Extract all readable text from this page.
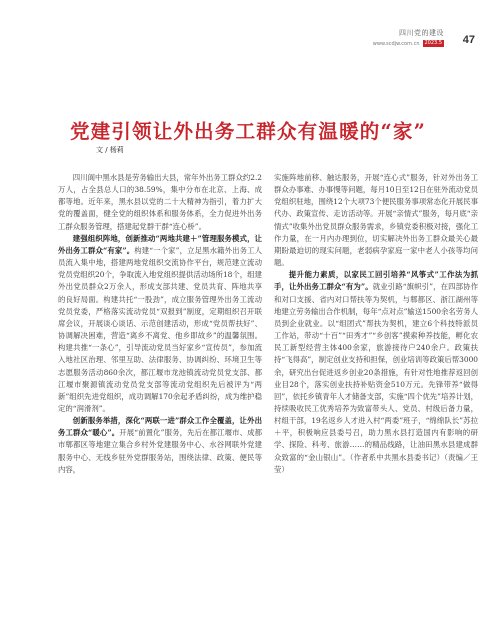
四川党的建设
www.scdjw.com.cn	2023.5 47
党建引领让外出务工群众有温暖的“家”
文 / 杨莉

四川阆中黑水县是劳务输出大县，常年外出务工群众约2.2万人，占全县总人口的38.59%，集中分布在北京、上海、成都等地。近年来，黑水县以党的二十大精神为指引，着力扩大党的覆盖面，健全党的组织体系和服务体系，全力促进外出务工群众服务管理，搭建起党群干群“连心桥”。

建强组织阵地，创新推动“两地共建＋”管理服务模式，让外出务工群众“有家”。构建“一个家”，立足黑水籍外出务工人员流入集中地，搭建两地党组织交流协作平台，规范建立流动党员党组织20个，争取流入地党组织提供活动场所18个，组建外出党员群众2万余人，形成支部共建、党员共育、阵地共享的良好局面。构建共托“一股劲”，成立服务管理外出务工流动党员党委，严格落实流动党员“双报到”制度，定期组织召开联席会议，开展谈心谈话、示范创建活动，形成“党员帮扶好”、协调解决困难，营造“离乡不离党、他乡即故乡”的温馨氛围。构建共推“一条心”，引导流动党员当好家乡“宣传员”，参加流入地社区治理、邻里互助、法律服务、协调纠纷、环境卫生等志愿服务活动860余次，都江堰市龙池镇流动党员党支部、都江堰市聚源镇流动党员党支部等流动党组织先后被评为“两新”组织先进党组织，成功调解170余起矛盾纠纷，成为维护稳定的“润滑剂”。

创新服务举措，深化“两联一进”群众工作全覆盖，让外出务工群众“暖心”。开展“前置化”服务，先后在都江堰市、成都市郫都区等地建立集合乡村外党建服务中心、水谷网联外党建服务中心、无线乡驻外党群服务站，围绕法律、政策、便民等内容，

实施阵地前移、触达服务，开展“连心式”服务，针对外出务工群众办事难、办事慢等问题，每月10日至12日在驻外流动党员党组织驻地，围绕12个大项73个便民服务事项常态化开展民事代办、政策宣传、走访活动等。开展“亲情式”服务，每月底“亲情式”收集外出党员群众服务需求，乡镇党委积极对接，强化工作力量，在一月内办理到位，切实解决外出务工群众最关心最期盼最迫切的现实问题，老弱病孕家庭一家中老人小孩等均问题。

提升能力素质，以家民工回引培养“风筝式”工作法为抓手，让外出务工群众“有为”。就业引路“旗帜引”，在四部协作和对口支援、省内对口帮扶等为契机，与郫都区、浙江湖州等地建立劳务输出合作机制，每年“点对点”输送1500余名劳务人员到企业就业。以“组团式”帮扶为契机，建立6个科技特派员工作站，带动“十百”“田秀才”“乡创客”摸索种养技能，孵化农民工新型经营主体400余家，旅游接待户240余户。政策扶持“飞得高”，制定创业支持和担保，创业培训等政策后帮3000余，研究出台促进返乡创业20条措施，有针对性地推荐返回创业目28个，落实创业扶持补贴资金510万元。先锋带养“做得回”，依托乡镇青年人才储备支部，实施“四个优先”培养计划，持续吸收民工优秀培养为致富带头人、党员、村级后备力量，村组干部，19名返乡人才进入村“两委”班子，“绵绵队长”苏拉＋平，积极响应县委号召，助力黑水县打造国内有影响的研学、探险、科考、旅游……的精品线路，让油田黑水县建成群众致富的“金山银山”。（作者系中共黑水县委书记）（责编／王莹）
